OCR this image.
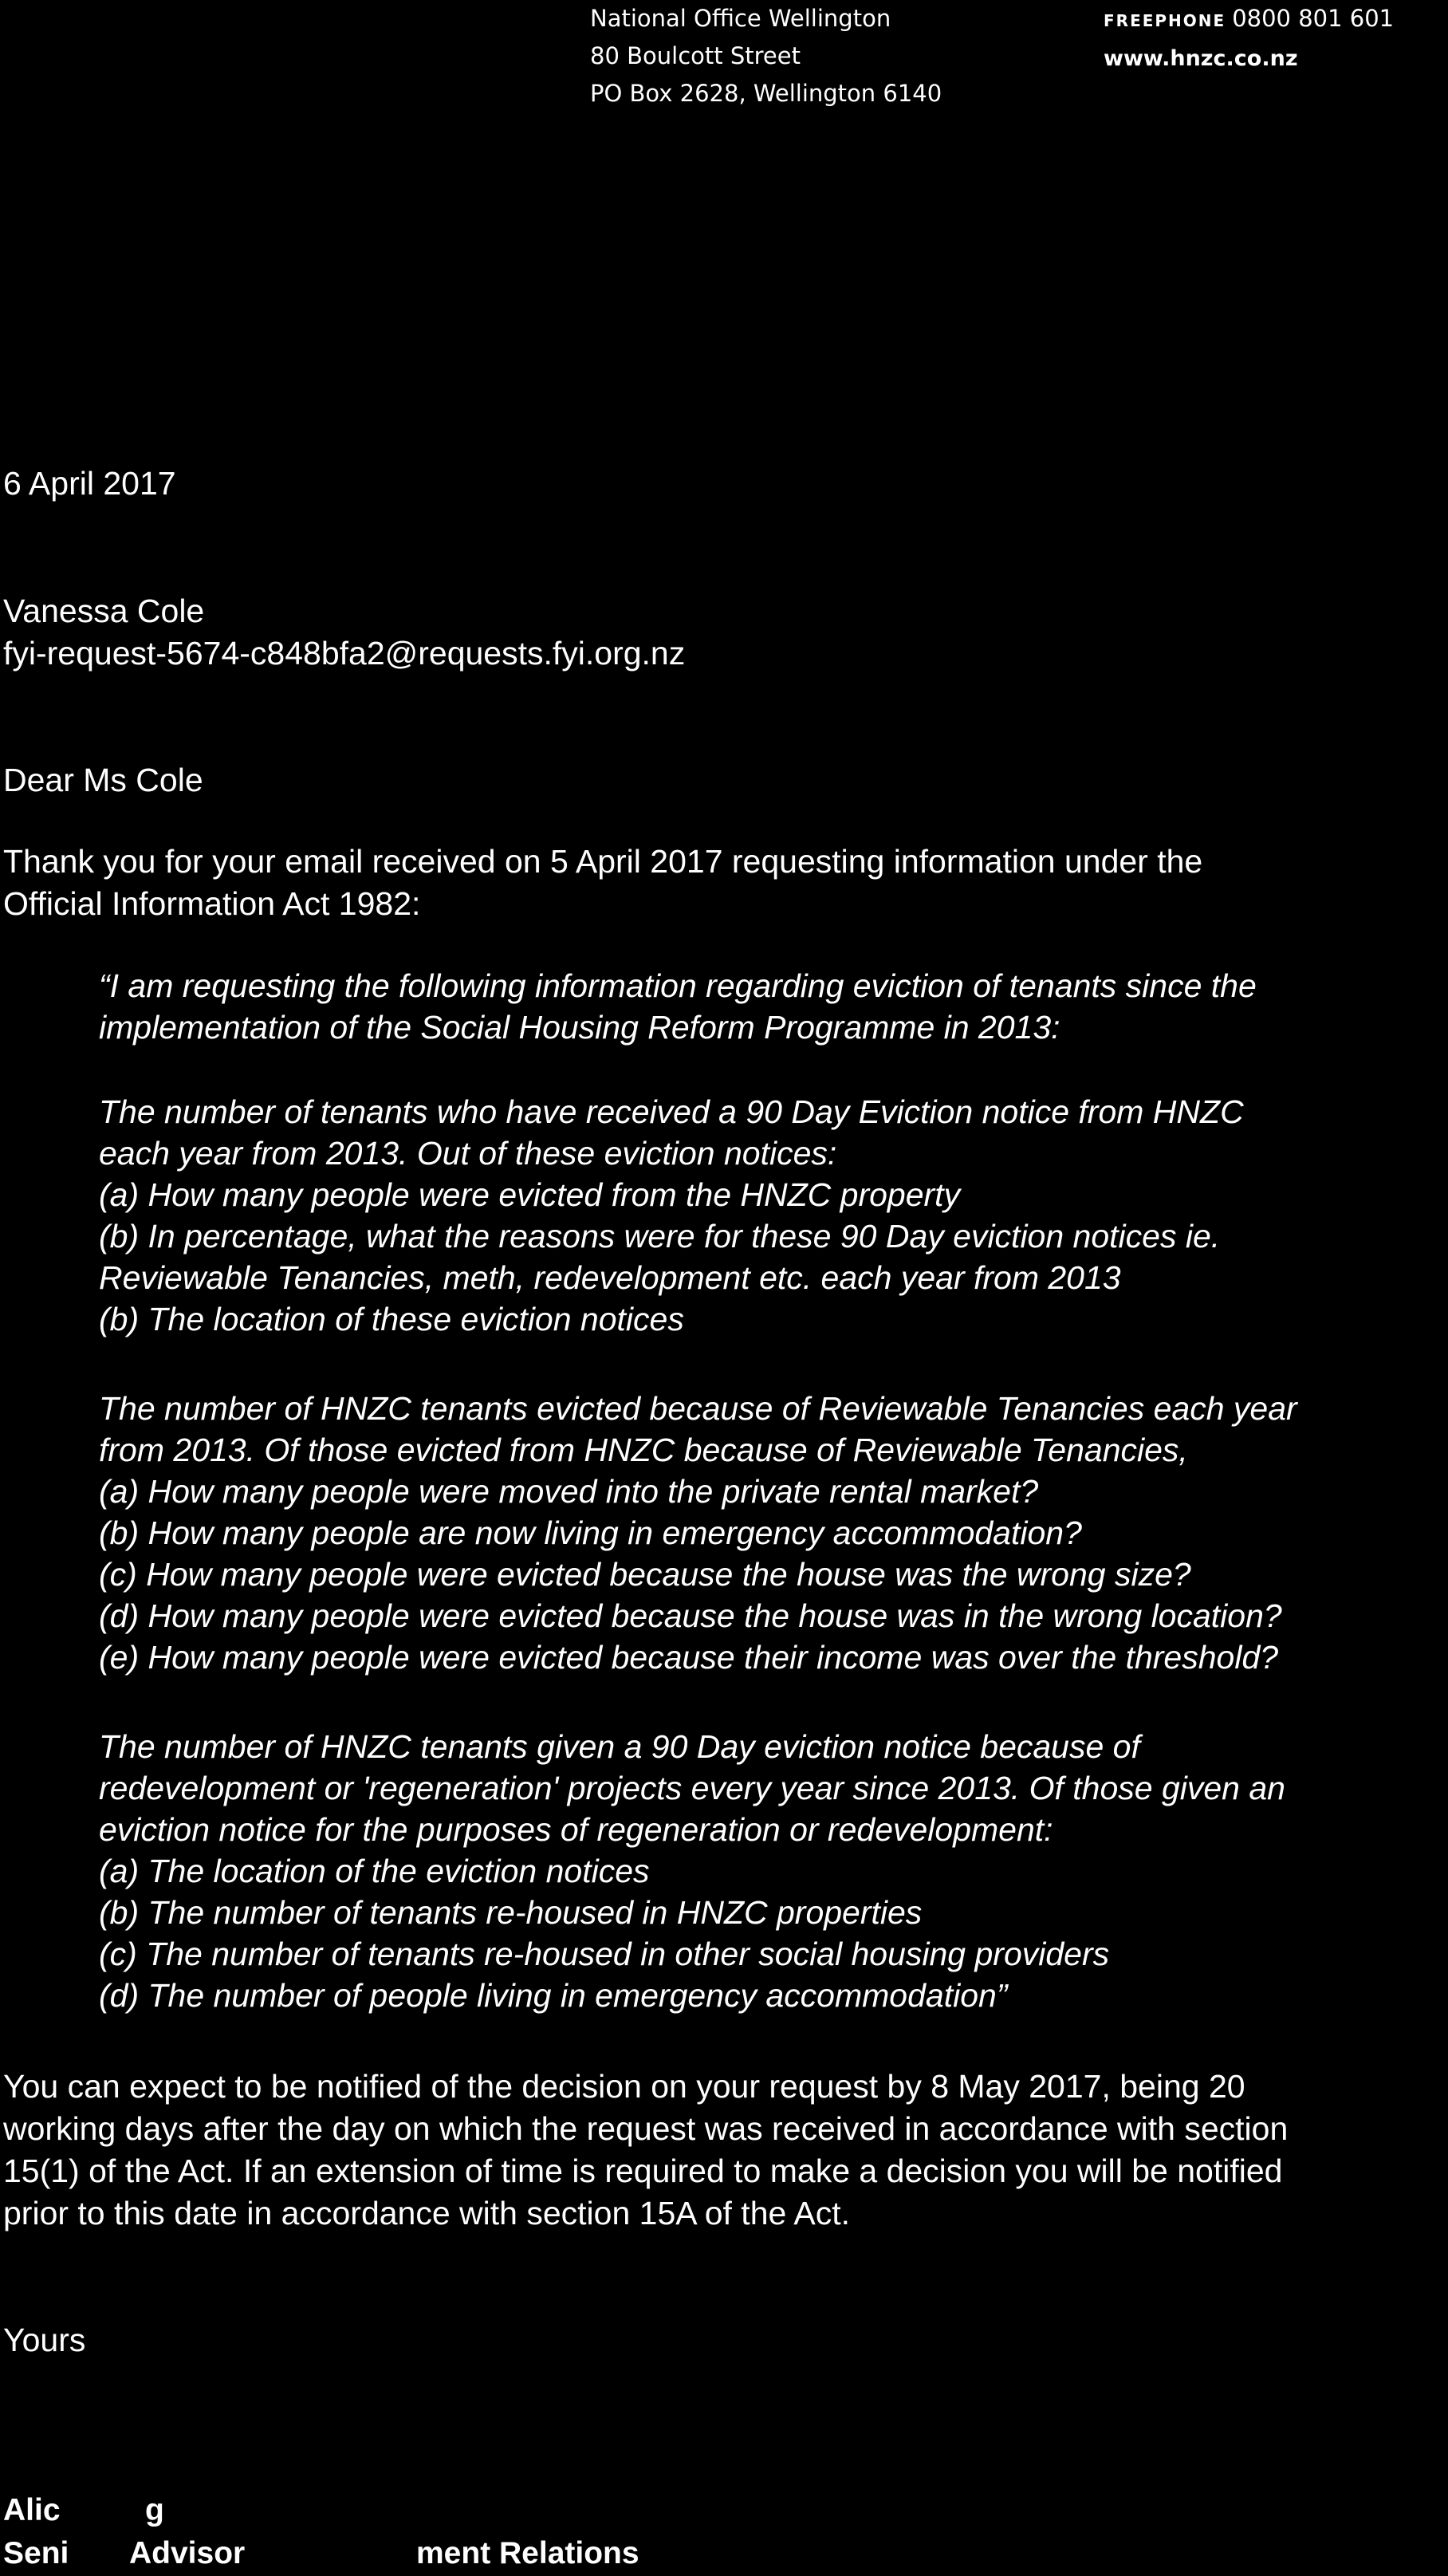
National Office Wellington
80 Boulcott Street
PO Box 2628, Wellington 6140
FREEPHONE 0800 801 601
www.hnzc.co.nz
6 April 2017
Vanessa Cole
fyi-request-5674-c848bfa2@requests.fyi.org.nz
Dear Ms Cole
Thank you for your email received on 5 April 2017 requesting information under the
Official Information Act 1982:
“I am requesting the following information regarding eviction of tenants since the
implementation of the Social Housing Reform Programme in 2013:
The number of tenants who have received a 90 Day Eviction notice from HNZC
each year from 2013. Out of these eviction notices:
(a) How many people were evicted from the HNZC property
(b) In percentage, what the reasons were for these 90 Day eviction notices ie.
Reviewable Tenancies, meth, redevelopment etc. each year from 2013
(b) The location of these eviction notices
The number of HNZC tenants evicted because of Reviewable Tenancies each year
from 2013. Of those evicted from HNZC because of Reviewable Tenancies,
(a) How many people were moved into the private rental market?
(b) How many people are now living in emergency accommodation?
(c) How many people were evicted because the house was the wrong size?
(d) How many people were evicted because the house was in the wrong location?
(e) How many people were evicted because their income was over the threshold?
The number of HNZC tenants given a 90 Day eviction notice because of
redevelopment or 'regeneration' projects every year since 2013. Of those given an
eviction notice for the purposes of regeneration or redevelopment:
(a) The location of the eviction notices
(b) The number of tenants re-housed in HNZC properties
(c) The number of tenants re-housed in other social housing providers
(d) The number of people living in emergency accommodation”
You can expect to be notified of the decision on your request by 8 May 2017, being 20
working days after the day on which the request was received in accordance with section
15(1) of the Act. If an extension of time is required to make a decision you will be notified
prior to this date in accordance with section 15A of the Act.
Yours
Alic	g
Seni Advisor	ment Relations
